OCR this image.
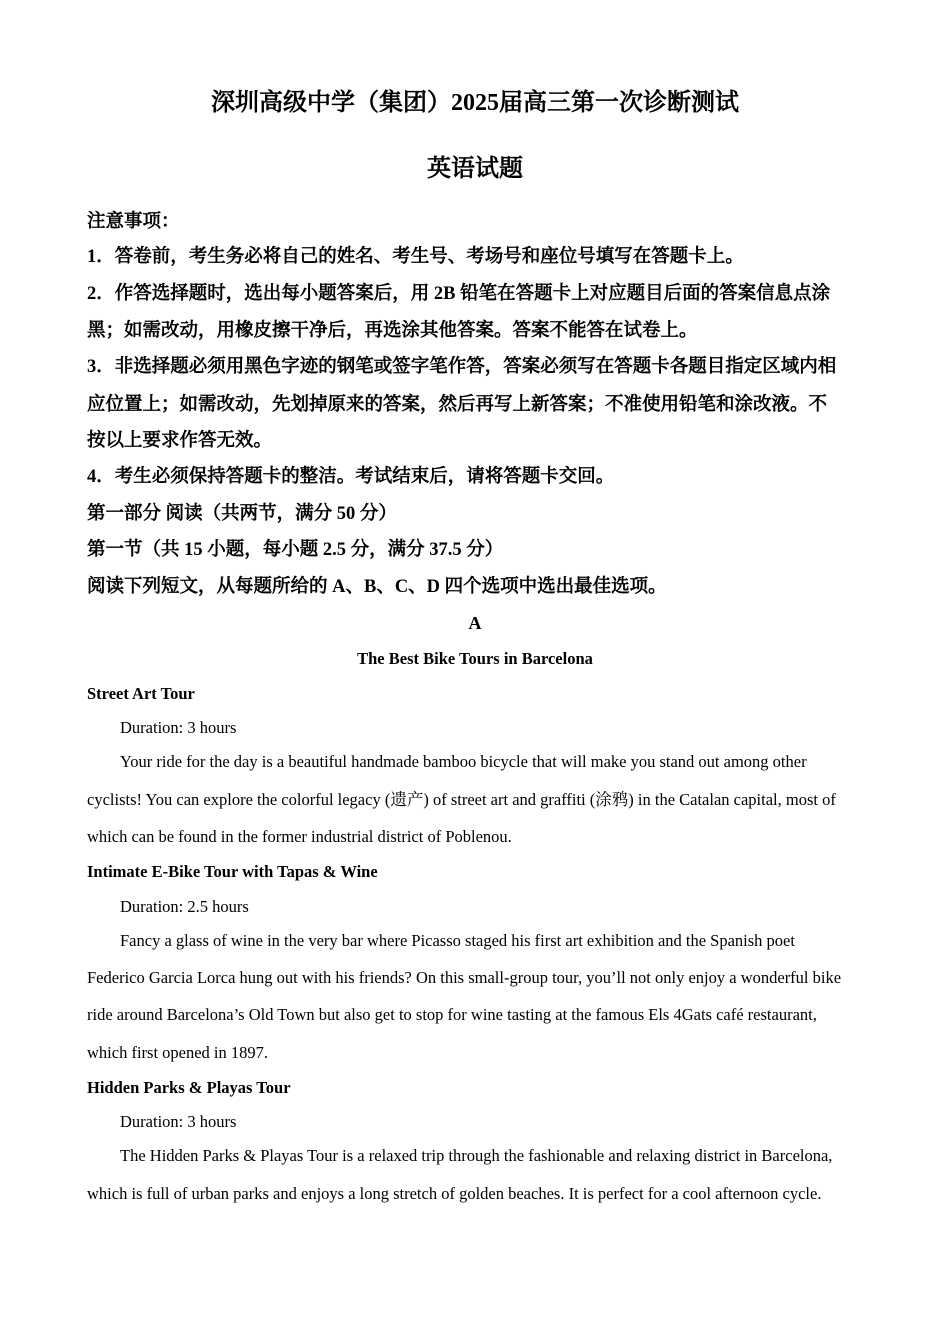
深圳高级中学（集团）2025届高三第一次诊断测试
英语试题
注意事项：
1．答卷前，考生务必将自己的姓名、考生号、考场号和座位号填写在答题卡上。
2．作答选择题时，选出每小题答案后，用 2B 铅笔在答题卡上对应题目后面的答案信息点涂
黑；如需改动，用橡皮擦干净后，再选涂其他答案。答案不能答在试卷上。
3．非选择题必须用黑色字迹的钢笔或签字笔作答，答案必须写在答题卡各题目指定区域内相
应位置上；如需改动，先划掉原来的答案，然后再写上新答案；不准使用铅笔和涂改液。不
按以上要求作答无效。
4．考生必须保持答题卡的整洁。考试结束后，请将答题卡交回。
第一部分 阅读（共两节，满分 50 分）
第一节（共 15 小题，每小题 2.5 分，满分 37.5 分）
阅读下列短文，从每题所给的 A、B、C、D 四个选项中选出最佳选项。
A
The Best Bike Tours in Barcelona
Street Art Tour
Duration: 3 hours
Your ride for the day is a beautiful handmade bamboo bicycle that will make you stand out among other
cyclists! You can explore the colorful legacy (遗产) of street art and graffiti (涂鸦) in the Catalan capital, most of
which can be found in the former industrial district of Poblenou.
Intimate E-Bike Tour with Tapas & Wine
Duration: 2.5 hours
Fancy a glass of wine in the very bar where Picasso staged his first art exhibition and the Spanish poet
Federico Garcia Lorca hung out with his friends? On this small-group tour, you’ll not only enjoy a wonderful bike
ride around Barcelona’s Old Town but also get to stop for wine tasting at the famous Els 4Gats café restaurant,
which first opened in 1897.
Hidden Parks & Playas Tour
Duration: 3 hours
The Hidden Parks & Playas Tour is a relaxed trip through the fashionable and relaxing district in Barcelona,
which is full of urban parks and enjoys a long stretch of golden beaches. It is perfect for a cool afternoon cycle.
